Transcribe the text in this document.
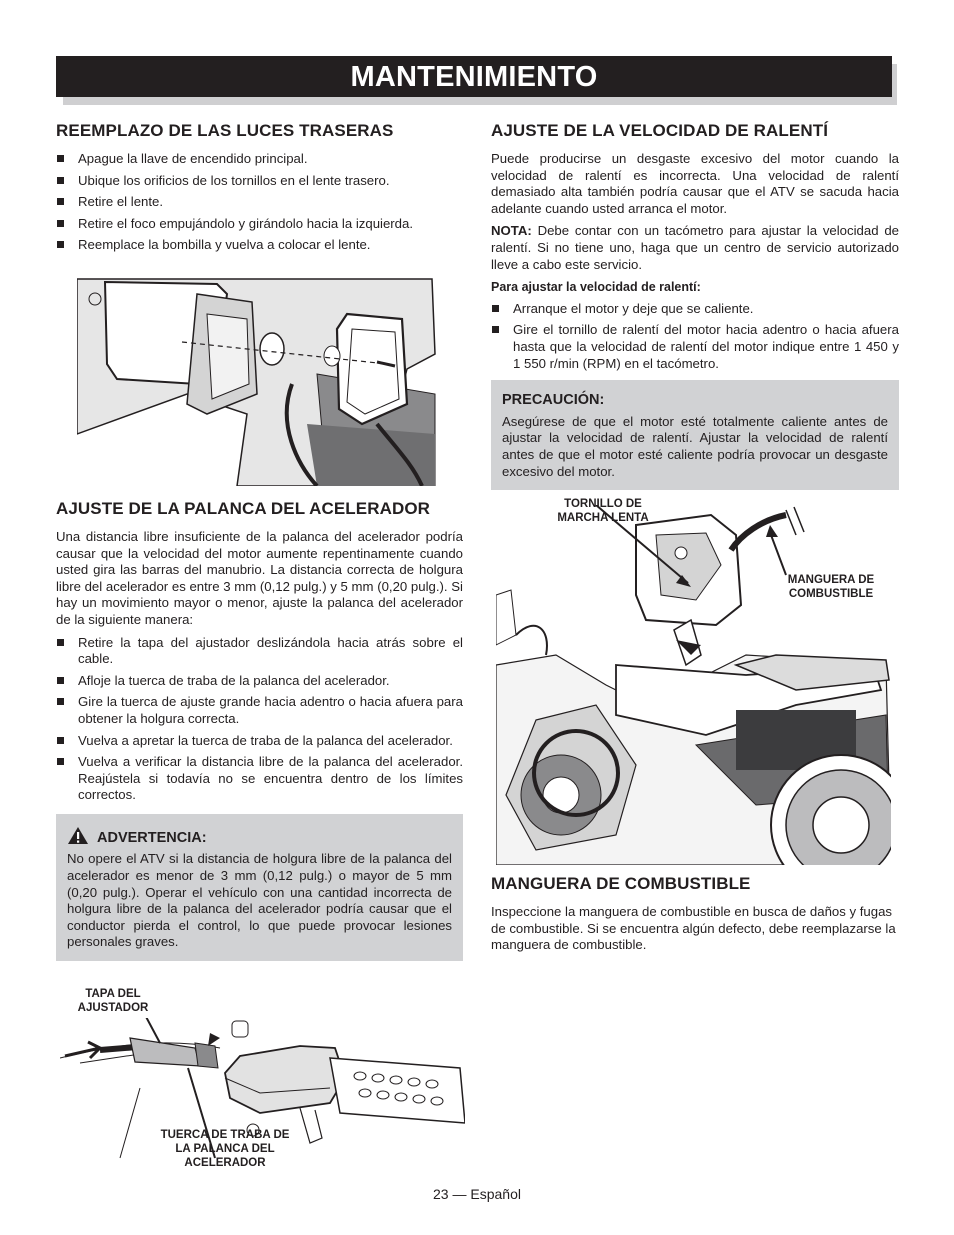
MANTENIMIENTO
REEMPLAZO DE LAS LUCES TRASERAS
Apague la llave de encendido principal.
Ubique los orificios de los tornillos en el lente trasero.
Retire el lente.
Retire el foco empujándolo y girándolo hacia la izquierda.
Reemplace la bombilla y vuelva a colocar el lente.
AJUSTE DE LA PALANCA DEL ACELERADOR

Una distancia libre insuficiente de la palanca del acelerador podría causar que la velocidad del motor aumente repentinamente cuando usted gira las barras del manubrio. La distancia correcta de holgura libre del acelerador es entre 3 mm (0,12 pulg.) y 5 mm (0,20 pulg.). Si hay un movimiento mayor o menor, ajuste la palanca del acelerador de la siguiente manera:

Retire la tapa del ajustador deslizándola hacia atrás sobre el cable.
Afloje la tuerca de traba de la palanca del acelerador.
Gire la tuerca de ajuste grande hacia adentro o hacia afuera para obtener la holgura correcta.
Vuelva a apretar la tuerca de traba de la palanca del acelerador.
Vuelva a verificar la distancia libre de la palanca del acelerador. Reajústela si todavía no se encuentra dentro de los límites correctos.
ADVERTENCIA:

No opere el ATV si la distancia de holgura libre de la palanca del acelerador es menor de 3 mm (0,12 pulg.) o mayor de 5 mm (0,20 pulg.). Operar el vehículo con una cantidad incorrecta de holgura libre de la palanca del acelerador podría causar que el conductor pierda el control, lo que puede provocar lesiones personales graves.

TAPA DEL AJUSTADOR
TUERCA DE TRABA DE LA PALANCA DEL ACELERADOR
AJUSTE DE LA VELOCIDAD DE RALENTÍ

Puede producirse un desgaste excesivo del motor cuando la velocidad de ralentí es incorrecta. Una velocidad de ralentí demasiado alta también podría causar que el ATV se sacuda hacia adelante cuando usted arranca el motor.

NOTA: Debe contar con un tacómetro para ajustar la velocidad de ralentí. Si no tiene uno, haga que un centro de servicio autorizado lleve a cabo este servicio.

Para ajustar la velocidad de ralentí:

Arranque el motor y deje que se caliente.
Gire el tornillo de ralentí del motor hacia adentro o hacia afuera hasta que la velocidad de ralentí del motor indique entre 1 450 y 1 550 r/min (RPM) en el tacómetro.
PRECAUCIÓN:

Asegúrese de que el motor esté totalmente caliente antes de ajustar la velocidad de ralentí. Ajustar la velocidad de ralentí antes de que el motor esté caliente podría provocar un desgaste excesivo del motor.

TORNILLO DE MARCHA LENTA
MANGUERA DE COMBUSTIBLE
MANGUERA DE COMBUSTIBLE

Inspeccione la manguera de combustible en busca de daños y fugas de combustible. Si se encuentra algún defecto, debe reemplazarse la manguera de combustible.

23 — Español
